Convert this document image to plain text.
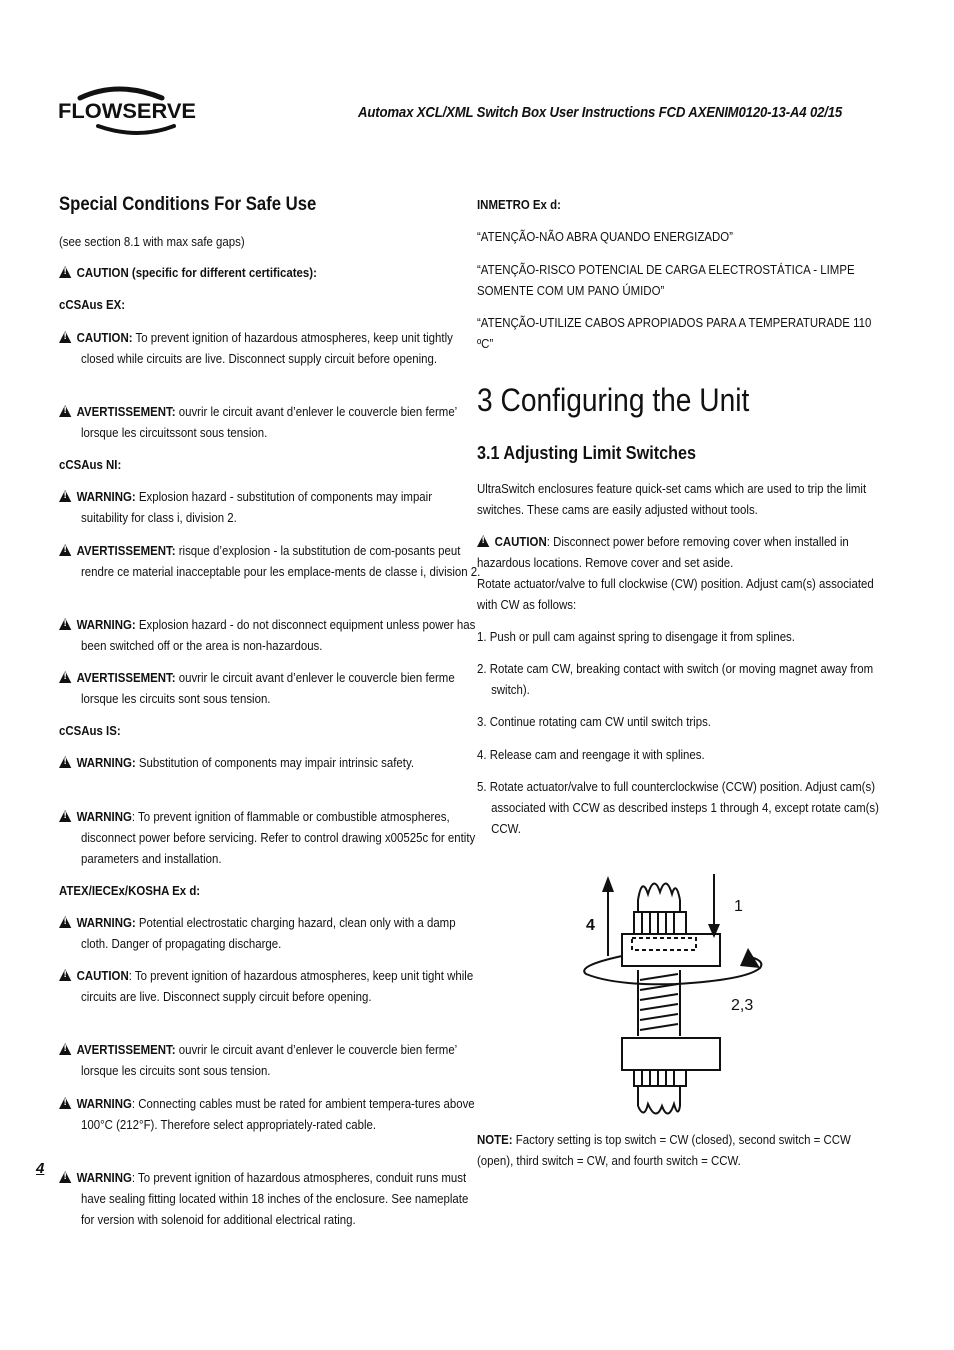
FLOWSERVE	Automax XCL/XML Switch Box User Instructions FCD AXENIM0120-13-A4 02/15
Special Conditions For Safe Use
(see section 8.1 with max safe gaps)
!CAUTION (specific for different certificates):
cCSAus EX:
!CAUTION: To prevent ignition of hazardous atmospheres, keep unit tightly closed while circuits are live. Disconnect supply circuit before opening.
!AVERTISSEMENT: ouvrir le circuit avant d’enlever le couvercle bien ferme’ lorsque les circuitssont sous tension.
cCSAus NI:
!WARNING: Explosion hazard - substitution of components may impair suitability for class i, division 2.
!AVERTISSEMENT: risque d’explosion - la substitution de com-posants peut rendre ce material inacceptable pour les emplace-ments de classe i, division 2.
!WARNING: Explosion hazard - do not disconnect equipment unless power has been switched off or the area is non-hazardous.
!AVERTISSEMENT: ouvrir le circuit avant d’enlever le couvercle bien ferme lorsque les circuits sont sous tension.
cCSAus IS:
!WARNING: Substitution of components may impair intrinsic safety.
!WARNING: To prevent ignition of flammable or combustible atmospheres, disconnect power before servicing. Refer to control drawing x00525c for entity parameters and installation.
ATEX/IECEx/KOSHA Ex d:
!WARNING: Potential electrostatic charging hazard, clean only with a damp cloth. Danger of propagating discharge.
!CAUTION: To prevent ignition of hazardous atmospheres, keep unit tight while circuits are live. Disconnect supply circuit before opening.
!AVERTISSEMENT: ouvrir le circuit avant d’enlever le couvercle bien ferme’ lorsque les circuits sont sous tension.
!WARNING: Connecting cables must be rated for ambient tempera-tures above 100°C (212°F). Therefore select appropriately-rated cable.
!WARNING: To prevent ignition of hazardous atmospheres, conduit runs must have sealing fitting located within 18 inches of the enclosure. See nameplate for version with solenoid for additional electrical rating.
4
INMETRO Ex d:
“ATENÇÃO-NÃO ABRA QUANDO ENERGIZADO”
“ATENÇÃO-RISCO POTENCIAL DE CARGA ELECTROSTÁTICA - LIMPE SOMENTE COM UM PANO ÚMIDO”
“ATENÇÃO-UTILIZE CABOS APROPIADOS PARA A TEMPERATURADE 110 ºC”
3 Configuring the Unit
3.1 Adjusting Limit Switches
UltraSwitch enclosures feature quick-set cams which are used to trip the limit switches. These cams are easily adjusted without tools.
!CAUTION: Disconnect power before removing cover when installed in hazardous locations. Remove cover and set aside.
Rotate actuator/valve to full clockwise (CW) position. Adjust cam(s) associated with CW as follows:
1. Push or pull cam against spring to disengage it from splines.
2. Rotate cam CW, breaking contact with switch (or moving magnet away from switch).
3. Continue rotating cam CW until switch trips.
4. Release cam and reengage it with splines.
5. Rotate actuator/valve to full counterclockwise (CCW) position. Adjust cam(s) associated with CCW as described insteps 1 through 4, except rotate cam(s) CCW.
NOTE: Factory setting is top switch = CW (closed), second switch = CCW (open), third switch = CW, and fourth switch = CCW.
4
1
2,3
